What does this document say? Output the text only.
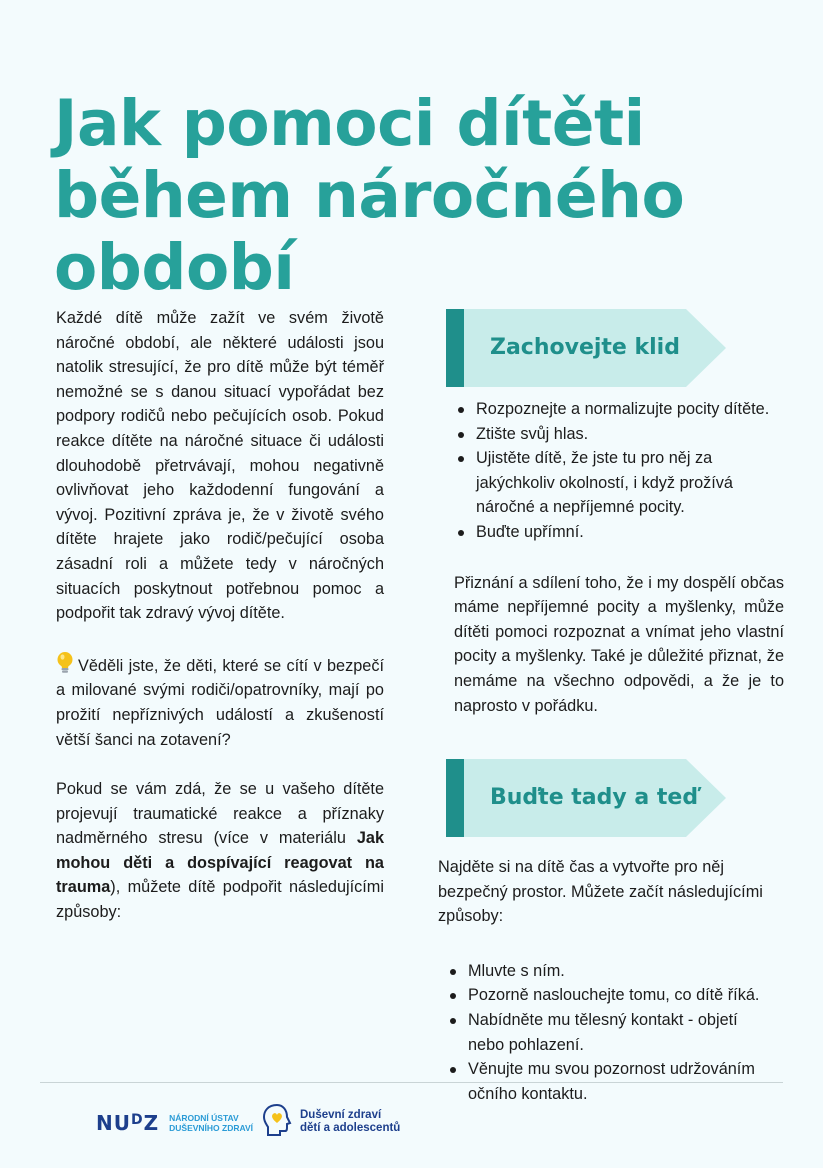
Jak pomoci dítěti
během náročného
období

Každé dítě může zažít ve svém životě náročné období, ale některé události jsou natolik stresující, že pro dítě může být téměř nemožné se s danou situací vypořádat bez podpory rodičů nebo pečujících osob. Pokud reakce dítěte na náročné situace či události dlouhodobě přetrvávají, mohou negativně ovlivňovat jeho každodenní fungování a vývoj. Pozitivní zpráva je, že v životě svého dítěte hrajete jako rodič/pečující osoba zásadní roli a můžete tedy v náročných situacích poskytnout potřebnou pomoc a podpořit tak zdravý vývoj dítěte.

Věděli jste, že děti, které se cítí v bezpečí a milované svými rodiči/opatrovníky, mají po prožití nepříznivých událostí a zkušeností větší šanci na zotavení?

Pokud se vám zdá, že se u vašeho dítěte projevují traumatické reakce a příznaky nadměrného stresu (více v materiálu Jak mohou děti a dospívající reagovat na trauma), můžete dítě podpořit následujícími způsoby:

Zachovejte klid
Rozpoznejte a normalizujte pocity dítěte.
Ztište svůj hlas.
Ujistěte dítě, že jste tu pro něj za jakýchkoliv okolností, i když prožívá náročné a nepříjemné pocity.
Buďte upřímní.

Přiznání a sdílení toho, že i my dospělí občas máme nepříjemné pocity a myšlenky, může dítěti pomoci rozpoznat a vnímat jeho vlastní pocity a myšlenky. Také je důležité přiznat, že nemáme na všechno odpovědi, a že je to naprosto v pořádku.

Buďte tady a teď

Najděte si na dítě čas a vytvořte pro něj bezpečný prostor. Můžete začít následujícími způsoby:

Mluvte s ním.
Pozorně naslouchejte tomu, co dítě říká.
Nabídněte mu tělesný kontakt - objetí nebo pohlazení.
Věnujte mu svou pozornost udržováním očního kontaktu.
$NU^DZ$ NÁRODNÍ ÚSTAV
DUŠEVNÍHO ZDRAVÍ
Duševní zdraví
dětí a adolescentů
